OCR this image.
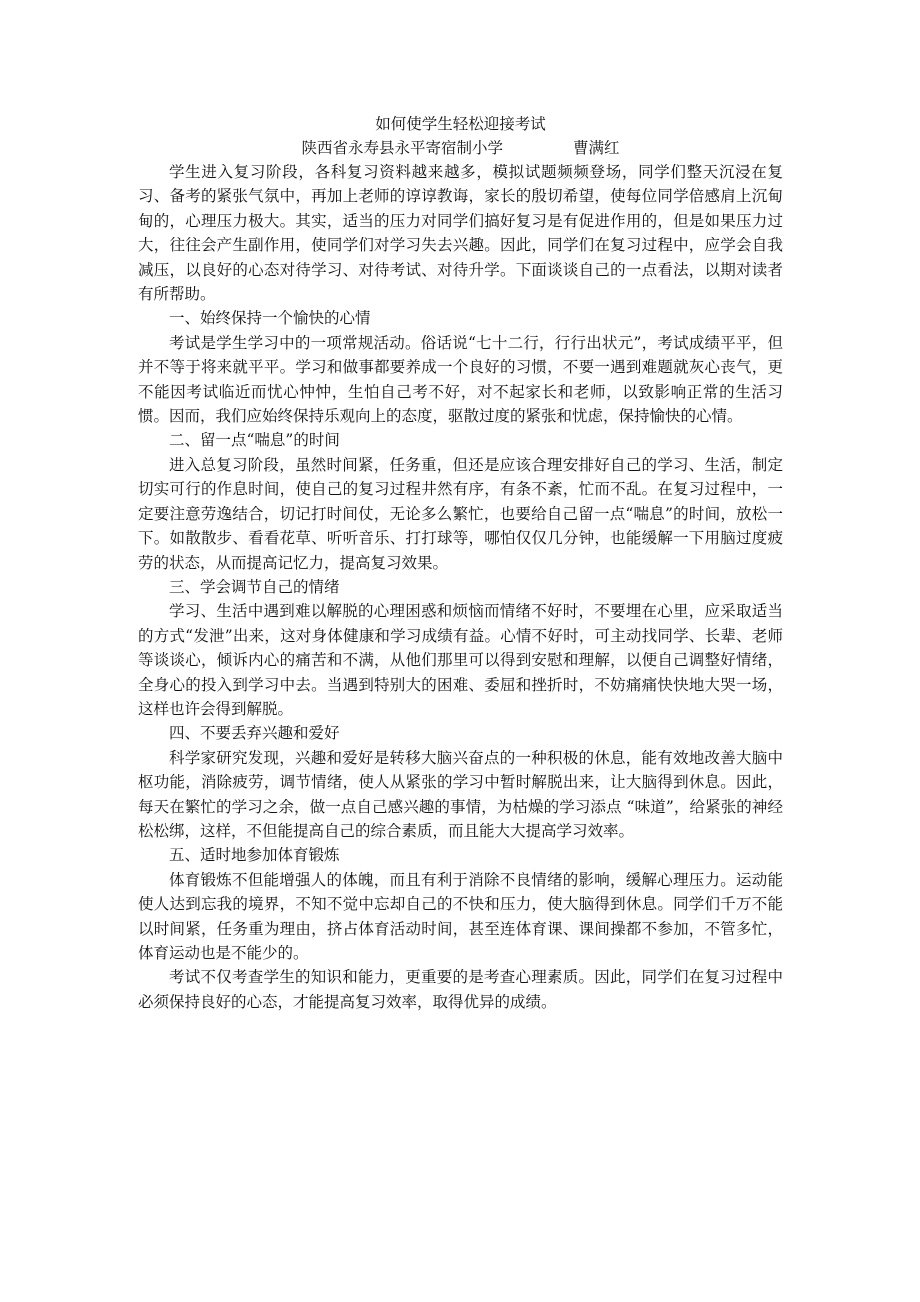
如何使学生轻松迎接考试
陕西省永寿县永平寄宿制小学	曹满红

学生进入复习阶段，各科复习资料越来越多，模拟试题频频登场，同学们整天沉浸在复习、备考的紧张气氛中，再加上老师的谆谆教诲，家长的殷切希望，使每位同学倍感肩上沉甸甸的，心理压力极大。其实，适当的压力对同学们搞好复习是有促进作用的，但是如果压力过大，往往会产生副作用，使同学们对学习失去兴趣。因此，同学们在复习过程中，应学会自我减压，以良好的心态对待学习、对待考试、对待升学。下面谈谈自己的一点看法，以期对读者有所帮助。

一、始终保持一个愉快的心情

考试是学生学习中的一项常规活动。俗话说“七十二行，行行出状元”，考试成绩平平，但并不等于将来就平平。学习和做事都要养成一个良好的习惯，不要一遇到难题就灰心丧气，更不能因考试临近而忧心忡忡，生怕自己考不好，对不起家长和老师，以致影响正常的生活习惯。因而，我们应始终保持乐观向上的态度，驱散过度的紧张和忧虑，保持愉快的心情。

二、留一点“喘息”的时间

进入总复习阶段，虽然时间紧，任务重，但还是应该合理安排好自己的学习、生活，制定切实可行的作息时间，使自己的复习过程井然有序，有条不紊，忙而不乱。在复习过程中，一定要注意劳逸结合，切记打时间仗，无论多么繁忙，也要给自己留一点“喘息”的时间，放松一下。如散散步、看看花草、听听音乐、打打球等，哪怕仅仅几分钟，也能缓解一下用脑过度疲劳的状态，从而提高记忆力，提高复习效果。

三、学会调节自己的情绪

学习、生活中遇到难以解脱的心理困惑和烦恼而情绪不好时，不要埋在心里，应采取适当的方式“发泄”出来，这对身体健康和学习成绩有益。心情不好时，可主动找同学、长辈、老师等谈谈心，倾诉内心的痛苦和不满，从他们那里可以得到安慰和理解，以便自己调整好情绪，全身心的投入到学习中去。当遇到特别大的困难、委屈和挫折时，不妨痛痛快快地大哭一场，这样也许会得到解脱。

四、不要丢弃兴趣和爱好

科学家研究发现，兴趣和爱好是转移大脑兴奋点的一种积极的休息，能有效地改善大脑中枢功能，消除疲劳，调节情绪，使人从紧张的学习中暂时解脱出来，让大脑得到休息。因此，每天在繁忙的学习之余，做一点自己感兴趣的事情，为枯燥的学习添点 “味道”，给紧张的神经松松绑，这样，不但能提高自己的综合素质，而且能大大提高学习效率。

五、适时地参加体育锻炼

体育锻炼不但能增强人的体魄，而且有利于消除不良情绪的影响，缓解心理压力。运动能使人达到忘我的境界，不知不觉中忘却自己的不快和压力，使大脑得到休息。同学们千万不能以时间紧，任务重为理由，挤占体育活动时间，甚至连体育课、课间操都不参加，不管多忙，体育运动也是不能少的。

考试不仅考查学生的知识和能力，更重要的是考查心理素质。因此，同学们在复习过程中必须保持良好的心态，才能提高复习效率，取得优异的成绩。
